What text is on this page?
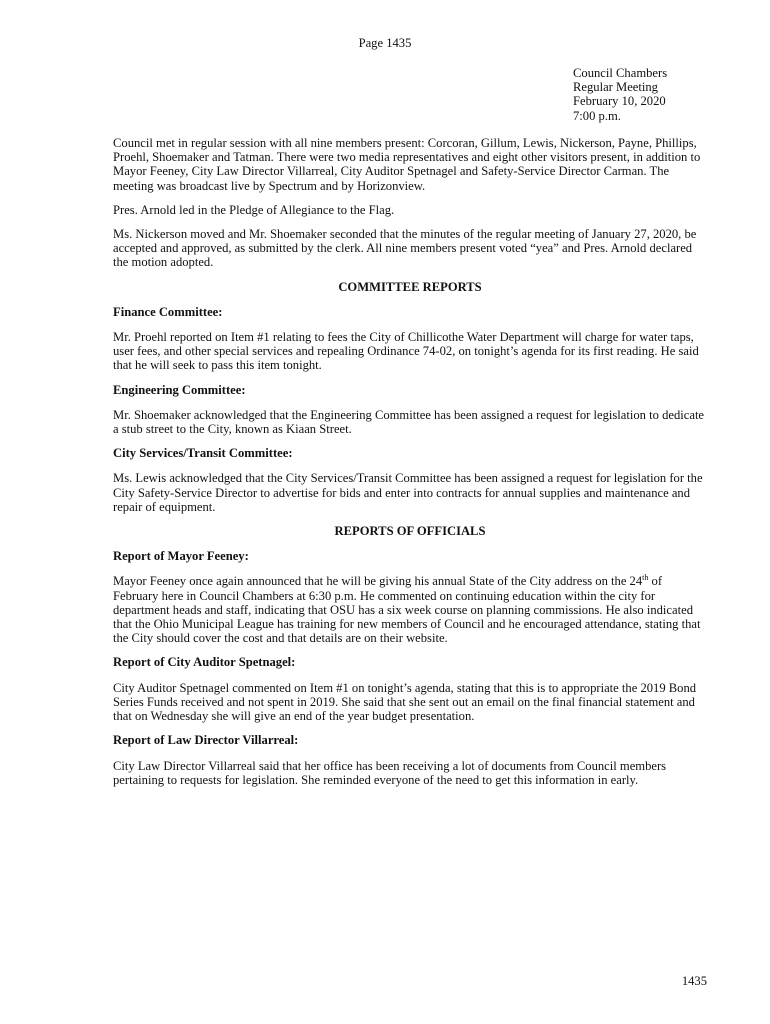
Page 1435
Council Chambers
Regular Meeting
February 10, 2020
7:00 p.m.

Council met in regular session with all nine members present: Corcoran, Gillum, Lewis, Nickerson, Payne, Phillips, Proehl, Shoemaker and Tatman. There were two media representatives and eight other visitors present, in addition to Mayor Feeney, City Law Director Villarreal, City Auditor Spetnagel and Safety-Service Director Carman. The meeting was broadcast live by Spectrum and by Horizonview.

Pres. Arnold led in the Pledge of Allegiance to the Flag.

Ms. Nickerson moved and Mr. Shoemaker seconded that the minutes of the regular meeting of January 27, 2020, be accepted and approved, as submitted by the clerk. All nine members present voted “yea” and Pres. Arnold declared the motion adopted.

COMMITTEE REPORTS

Finance Committee:

Mr. Proehl reported on Item #1 relating to fees the City of Chillicothe Water Department will charge for water taps, user fees, and other special services and repealing Ordinance 74-02, on tonight’s agenda for its first reading. He said that he will seek to pass this item tonight.

Engineering Committee:

Mr. Shoemaker acknowledged that the Engineering Committee has been assigned a request for legislation to dedicate a stub street to the City, known as Kiaan Street.

City Services/Transit Committee:

Ms. Lewis acknowledged that the City Services/Transit Committee has been assigned a request for legislation for the City Safety-Service Director to advertise for bids and enter into contracts for annual supplies and maintenance and repair of equipment.

REPORTS OF OFFICIALS

Report of Mayor Feeney:

Mayor Feeney once again announced that he will be giving his annual State of the City address on the 24th of February here in Council Chambers at 6:30 p.m. He commented on continuing education within the city for department heads and staff, indicating that OSU has a six week course on planning commissions. He also indicated that the Ohio Municipal League has training for new members of Council and he encouraged attendance, stating that the City should cover the cost and that details are on their website.

Report of City Auditor Spetnagel:

City Auditor Spetnagel commented on Item #1 on tonight’s agenda, stating that this is to appropriate the 2019 Bond Series Funds received and not spent in 2019. She said that she sent out an email on the final financial statement and that on Wednesday she will give an end of the year budget presentation.

Report of Law Director Villarreal:

City Law Director Villarreal said that her office has been receiving a lot of documents from Council members pertaining to requests for legislation. She reminded everyone of the need to get this information in early.

1435
